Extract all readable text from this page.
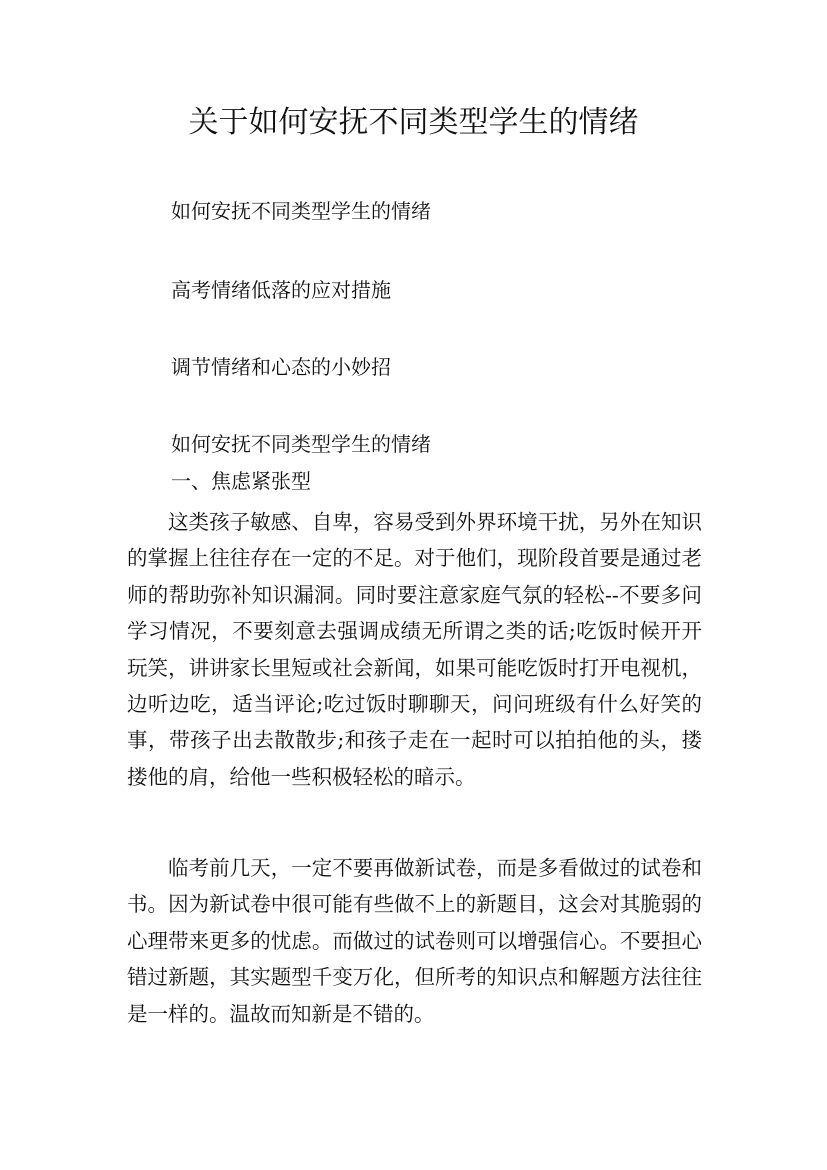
关于如何安抚不同类型学生的情绪

如何安抚不同类型学生的情绪

高考情绪低落的应对措施

调节情绪和心态的小妙招

如何安抚不同类型学生的情绪

一、焦虑紧张型

这类孩子敏感、自卑，容易受到外界环境干扰，另外在知识的掌握上往往存在一定的不足。对于他们，现阶段首要是通过老师的帮助弥补知识漏洞。同时要注意家庭气氛的轻松--不要多问学习情况，不要刻意去强调成绩无所谓之类的话;吃饭时候开开玩笑，讲讲家长里短或社会新闻，如果可能吃饭时打开电视机，边听边吃，适当评论;吃过饭时聊聊天，问问班级有什么好笑的事，带孩子出去散散步;和孩子走在一起时可以拍拍他的头，搂搂他的肩，给他一些积极轻松的暗示。

临考前几天，一定不要再做新试卷，而是多看做过的试卷和书。因为新试卷中很可能有些做不上的新题目，这会对其脆弱的心理带来更多的忧虑。而做过的试卷则可以增强信心。不要担心错过新题，其实题型千变万化，但所考的知识点和解题方法往往是一样的。温故而知新是不错的。
